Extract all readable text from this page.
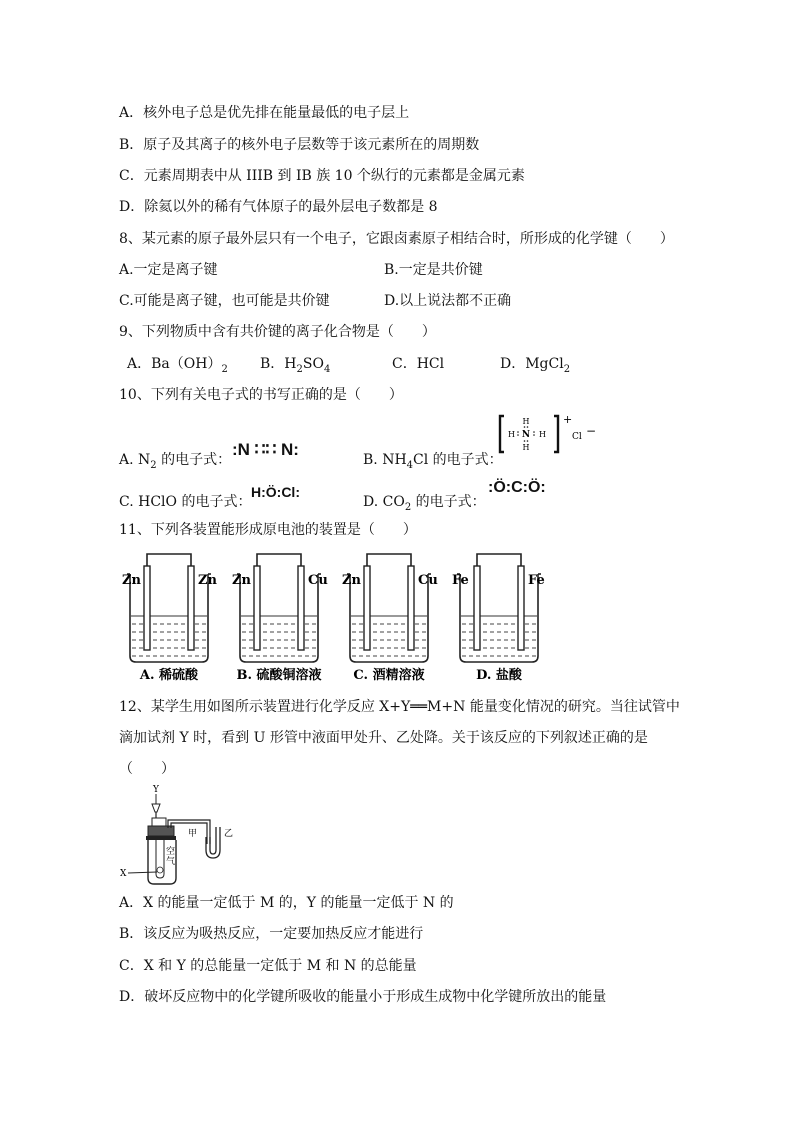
A．核外电子总是优先排在能量最低的电子层上
B．原子及其离子的核外电子层数等于该元素所在的周期数
C．元素周期表中从 IIIB 到 IB 族 10 个纵行的元素都是金属元素
D．除氦以外的稀有气体原子的最外层电子数都是 8
8、某元素的原子最外层只有一个电子，它跟卤素原子相结合时，所形成的化学键（　　）
A.一定是离子键	B.一定是共价键
C.可能是离子键，也可能是共价键	D.以上说法都不正确
9、下列物质中含有共价键的离子化合物是（　　）
A．$Ba(OH)_2$ B．$H_2SO_4$	C．HCl	D．MgCl$_2$
10、下列有关电子式的书写正确的是（　　）
A. $N_2$ 的电子式：
:N ∷∷ N:
B. $NH_4Cl$ 的电子式：
H
H N H
H
+
Cl −
C. HClO 的电子式：
H:Ö:Cl:
D. $CO_2$ 的电子式：
:Ö:C:Ö:
11、下列各装置能形成原电池的装置是（　　）
Zn	Zn
A. 稀硫酸
Zn	Cu
B. 硫酸铜溶液
Zn	Cu
C. 酒精溶液
Fe	Fe
D. 盐酸
12、某学生用如图所示装置进行化学反应 X+Y══M+N 能量变化情况的研究。当往试管中
滴加试剂 Y 时，看到 U 形管中液面甲处升、乙处降。关于该反应的下列叙述正确的是
（　　）
Y
空
气
X
甲	乙
A．X 的能量一定低于 M 的，Y 的能量一定低于 N 的
B．该反应为吸热反应，一定要加热反应才能进行
C．X 和 Y 的总能量一定低于 M 和 N 的总能量
D．破坏反应物中的化学键所吸收的能量小于形成生成物中化学键所放出的能量
